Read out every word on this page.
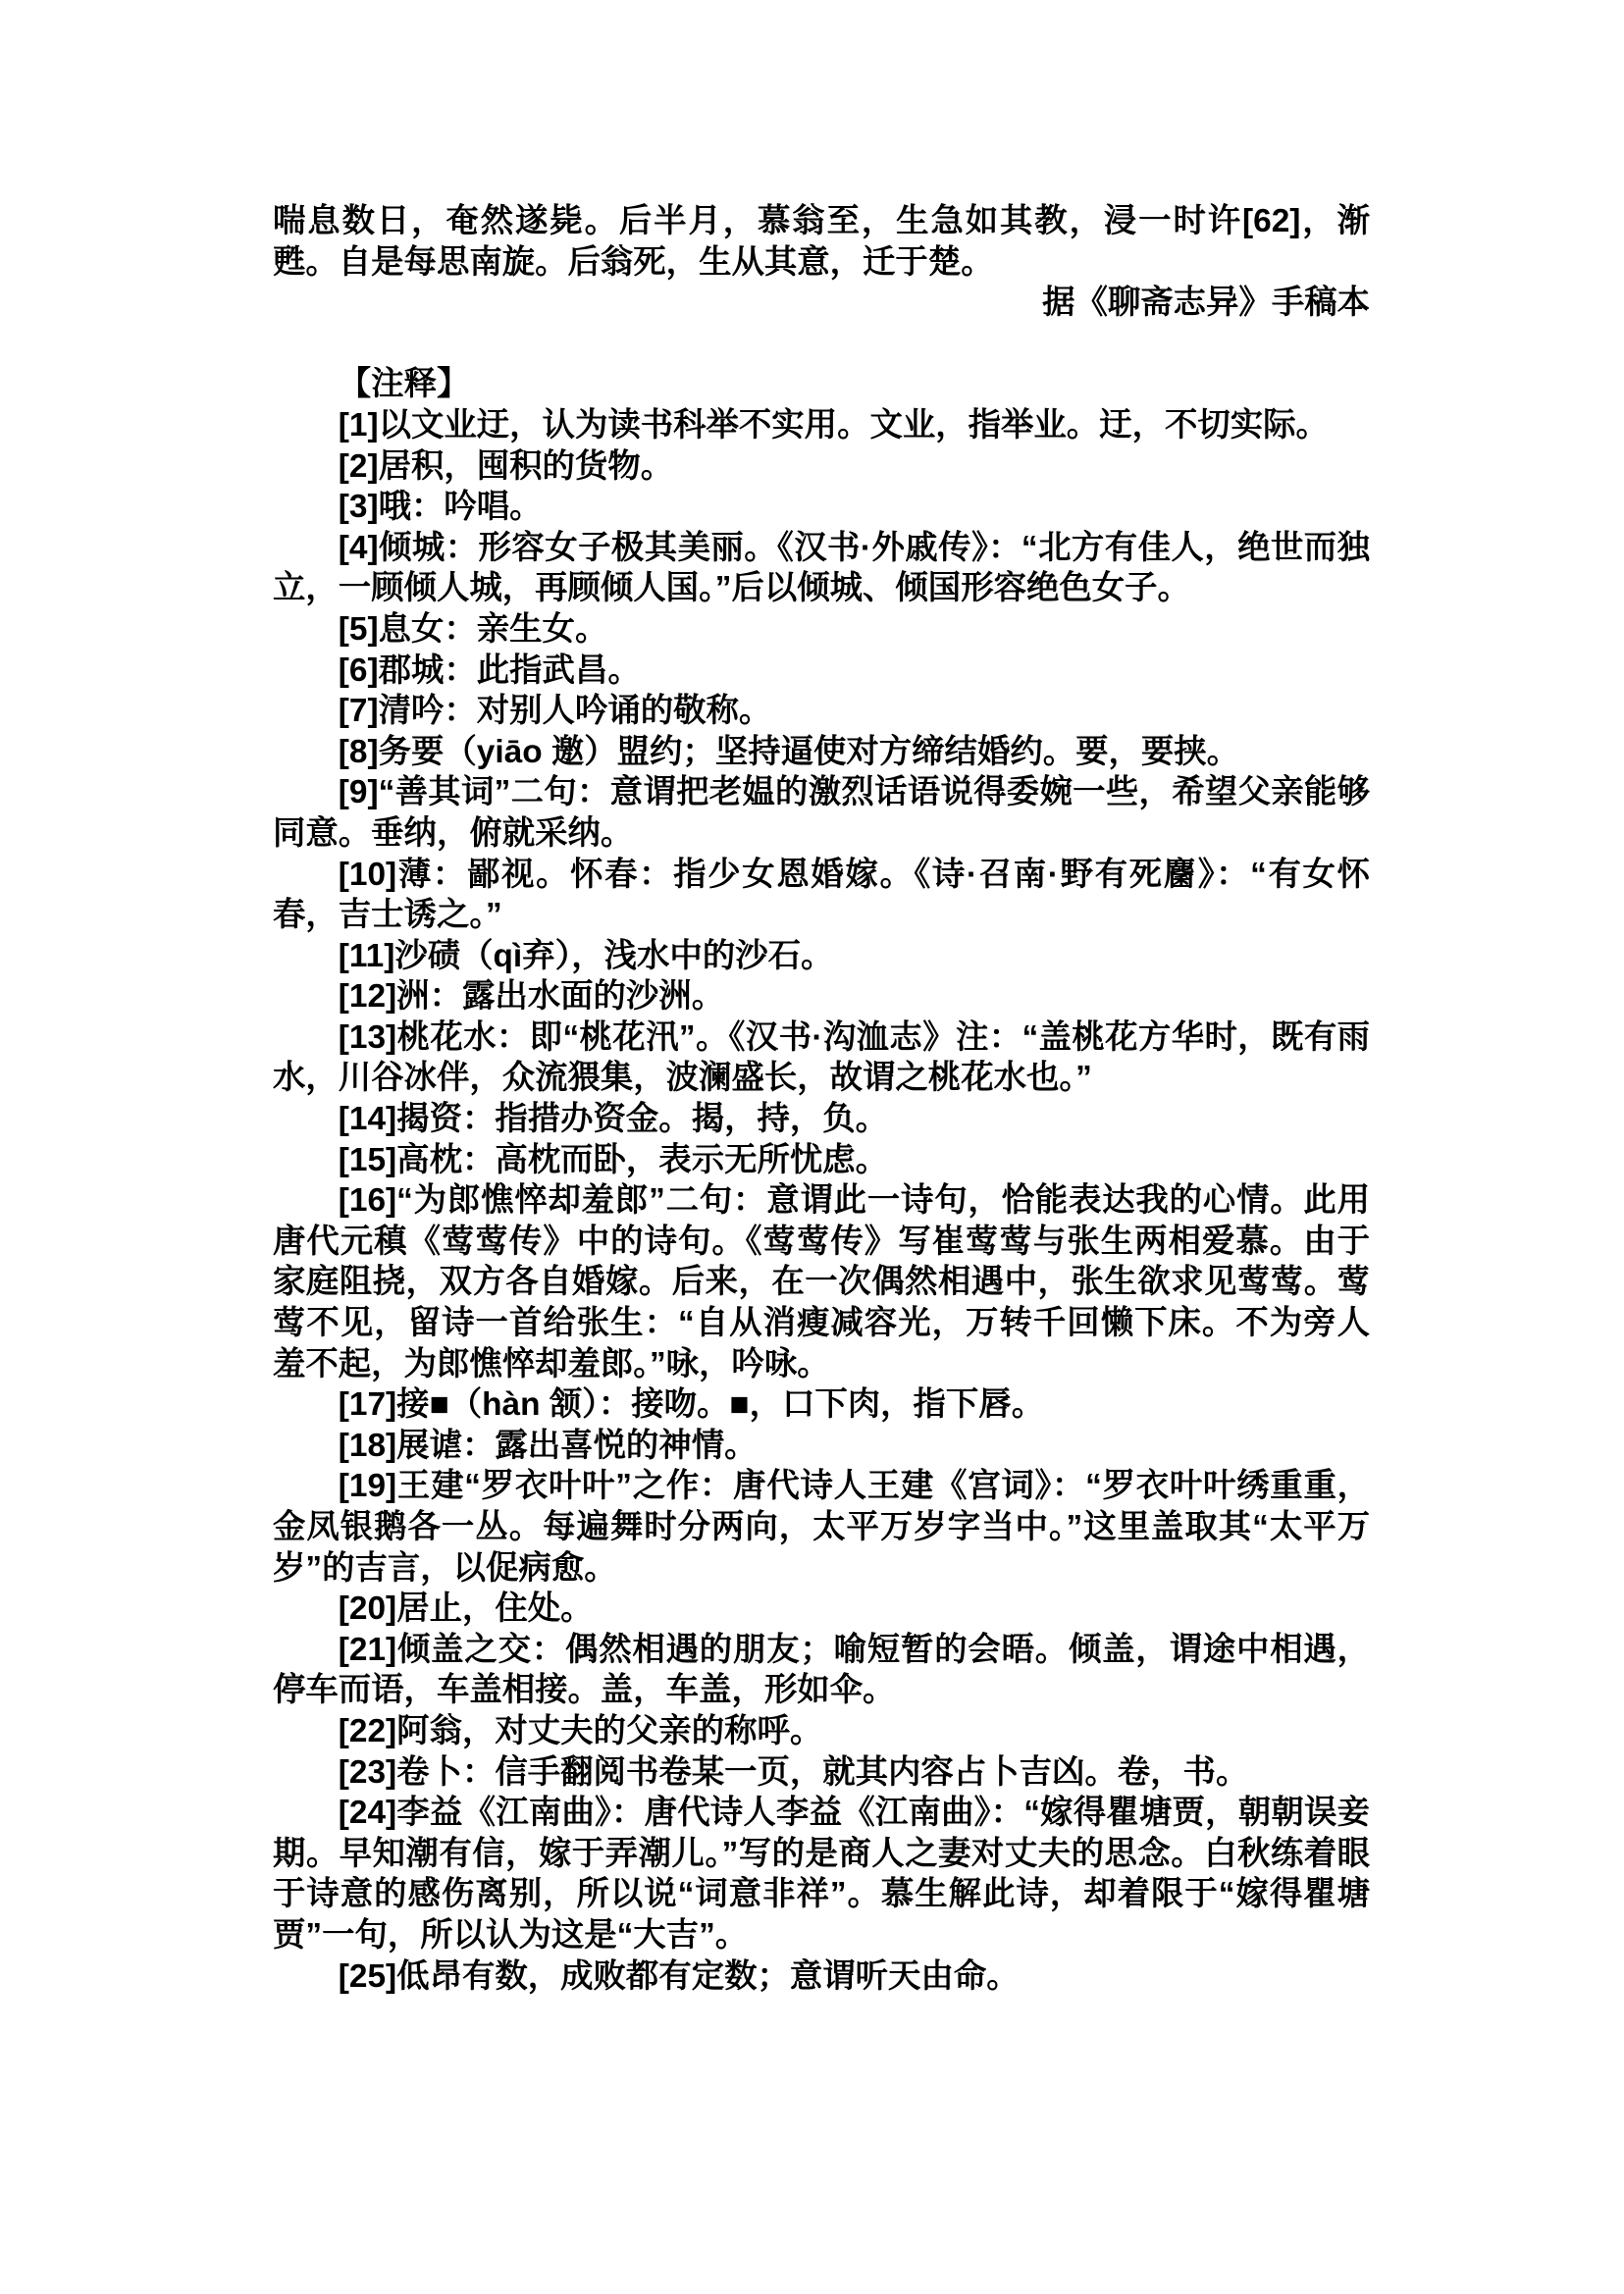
喘息数日，奄然遂毙。后半月，慕翁至，生急如其教，浸一时许[62]，渐甦。自是每思南旋。后翁死，生从其意，迁于楚。

据《聊斋志异》手稿本

【注释】

[1]以文业迂，认为读书科举不实用。文业，指举业。迂，不切实际。

[2]居积，囤积的货物。

[3]哦：吟唱。

[4]倾城：形容女子极其美丽。《汉书·外戚传》：“北方有佳人，绝世而独立，一顾倾人城，再顾倾人国。”后以倾城、倾国形容绝色女子。

[5]息女：亲生女。

[6]郡城：此指武昌。

[7]清吟：对别人吟诵的敬称。

[8]务要（yiāo 邀）盟约；坚持逼使对方缔结婚约。要，要挟。

[9]“善其词”二句：意谓把老媪的激烈话语说得委婉一些，希望父亲能够同意。垂纳，俯就采纳。

[10]薄：鄙视。怀春：指少女恩婚嫁。《诗·召南·野有死麕》：“有女怀春，吉士诱之。”

[11]沙碛（qì弃），浅水中的沙石。

[12]洲：露出水面的沙洲。

[13]桃花水：即“桃花汛”。《汉书·沟洫志》注：“盖桃花方华时，既有雨水，川谷冰伴，众流猥集，波澜盛长，故谓之桃花水也。”

[14]揭资：指措办资金。揭，持，负。

[15]高枕：高枕而卧，表示无所忧虑。

[16]“为郎憔悴却羞郎”二句：意谓此一诗句，恰能表达我的心情。此用唐代元稹《莺莺传》中的诗句。《莺莺传》写崔莺莺与张生两相爱慕。由于家庭阻挠，双方各自婚嫁。后来，在一次偶然相遇中，张生欲求见莺莺。莺莺不见，留诗一首给张生：“自从消瘦减容光，万转千回懒下床。不为旁人羞不起，为郎憔悴却羞郎。”咏，吟咏。

[17]接■（hàn 颔）：接吻。■，口下肉，指下唇。

[18]展谑：露出喜悦的神情。

[19]王建“罗衣叶叶”之作：唐代诗人王建《宫词》：“罗衣叶叶绣重重，金凤银鹅各一丛。每遍舞时分两向，太平万岁字当中。”这里盖取其“太平万岁”的吉言，以促病愈。

[20]居止，住处。

[21]倾盖之交：偶然相遇的朋友；喻短暂的会晤。倾盖，谓途中相遇，停车而语，车盖相接。盖，车盖，形如伞。

[22]阿翁，对丈夫的父亲的称呼。

[23]卷卜：信手翻阅书卷某一页，就其内容占卜吉凶。卷，书。

[24]李益《江南曲》：唐代诗人李益《江南曲》：“嫁得瞿塘贾，朝朝误妾期。早知潮有信，嫁于弄潮儿。”写的是商人之妻对丈夫的思念。白秋练着眼于诗意的感伤离别，所以说“词意非祥”。慕生解此诗，却着限于“嫁得瞿塘贾”一句，所以认为这是“大吉”。

[25]低昂有数，成败都有定数；意谓听天由命。
